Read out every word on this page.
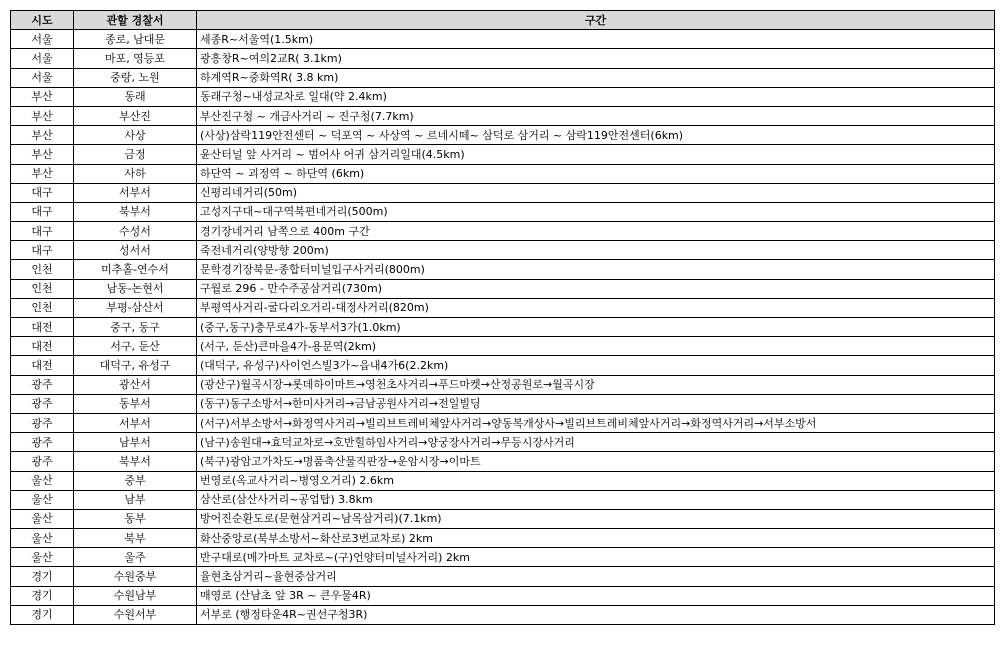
시도	관할 경찰서	구간
서울	종로, 남대문	세종R~서울역(1.5km)
서울	마포, 영등포	광흥창R~여의2교R( 3.1km)
서울	중랑, 노원	하계역R~중화역R( 3.8 km)
부산	동래	동래구청~내성교차로 일대(약 2.4km)
부산	부산진	부산진구청 ~ 개금사거리 ~ 진구청(7.7km)
부산	사상	(사상)삼락119안전센터 ~ 덕포역 ~ 사상역 ~ 르네시떼~ 삼덕로 삼거리 ~ 삼락119안전센터(6km)
부산	금정	윤산터널 앞 사거리 ~ 범어사 어귀 삼거리일대(4.5km)
부산	사하	하단역 ~ 괴정역 ~ 하단역 (6km)
대구	서부서	신평리네거리(50m)
대구	북부서	고성지구대~대구역북편네거리(500m)
대구	수성서	경기장네거리 남쪽으로 400m 구간
대구	성서서	죽전네거리(양방향 200m)
인천	미추홀-연수서	문학경기장북문-종합터미널입구사거리(800m)
인천	남동-논현서	구월로 296 - 만수주공삼거리(730m)
인천	부평-삼산서	부평역사거리-굴다리오거리-대정사거리(820m)
대전	중구, 동구	(중구,동구)충무로4가-동부서3가(1.0km)
대전	서구, 둔산	(서구, 둔산)큰마을4가-용문역(2km)
대전	대덕구, 유성구	(대덕구, 유성구)사이언스빌3가~읍내4가6(2.2km)
광주	광산서	(광산구)월곡시장→롯데하이마트→영천초사거리→푸드마켓→산정공원로→월곡시장
광주	동부서	(동구)동구소방서→한미사거리→금남공원사거리→전일빌딩
광주	서부서	(서구)서부소방서→화정역사거리→빌리브트레비체앞사거리→양동복개상사→빌리브트레비체앞사거리→화정역사거리→서부소방서
광주	남부서	(남구)송원대→효덕교차로→호반힐하임사거리→양궁장사거리→무등시장사거리
광주	북부서	(북구)광암고가차도→명품축산물직판장→운암시장→이마트
울산	중부	번영로(옥교사거리~병영오거리) 2.6km
울산	남부	삼산로(삼산사거리~공업탑) 3.8km
울산	동부	방어진순환도로(문현삼거리~남목삼거리)(7.1km)
울산	북부	화산중앙로(북부소방서~화산로3번교차로) 2km
울산	울주	반구대로(메가마트 교차로~(구)언양터미널사거리) 2km
경기	수원중부	율현초삼거리~율현중삼거리
경기	수원남부	매영로 (산남초 앞 3R ~ 큰우물4R)
경기	수원서부	서부로 (행정타운4R~권선구청3R)
